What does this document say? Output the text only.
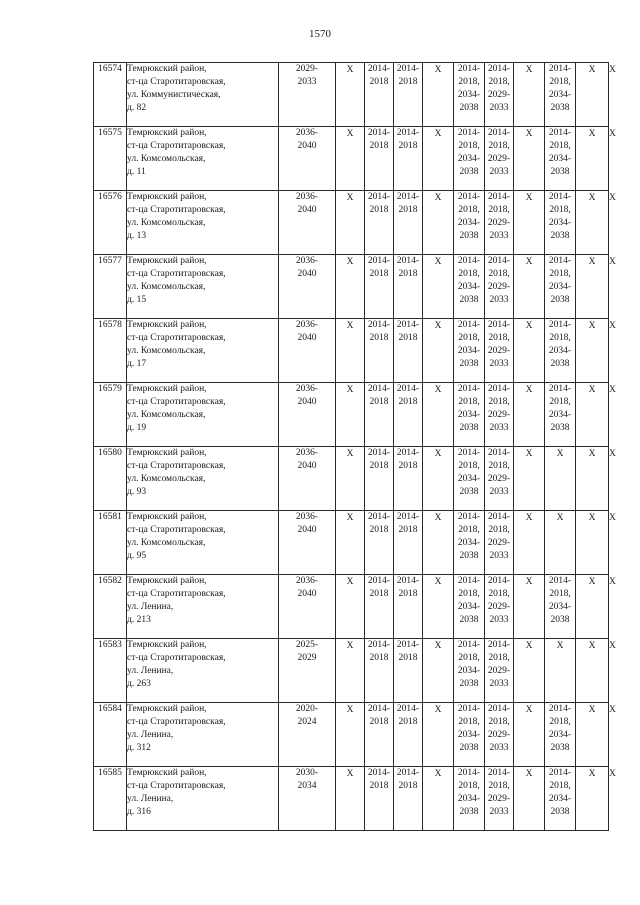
1570
16574	Темрюкский район,
ст-ца Старотитаровская,
ул. Коммунистическая,
д. 82	2029-
2033	Х	2014-
2018	2014-
2018	Х	2014-
2018,
2034-
2038	2014-
2018,
2029-
2033	Х	2014-
2018,
2034-
2038	Х	Х

16575	Темрюкский район,
ст-ца Старотитаровская,
ул. Комсомольская,
д. 11	2036-
2040	Х	2014-
2018	2014-
2018	Х	2014-
2018,
2034-
2038	2014-
2018,
2029-
2033	Х	2014-
2018,
2034-
2038	Х	Х

16576	Темрюкский район,
ст-ца Старотитаровская,
ул. Комсомольская,
д. 13	2036-
2040	Х	2014-
2018	2014-
2018	Х	2014-
2018,
2034-
2038	2014-
2018,
2029-
2033	Х	2014-
2018,
2034-
2038	Х	Х

16577	Темрюкский район,
ст-ца Старотитаровская,
ул. Комсомольская,
д. 15	2036-
2040	Х	2014-
2018	2014-
2018	Х	2014-
2018,
2034-
2038	2014-
2018,
2029-
2033	Х	2014-
2018,
2034-
2038	Х	Х

16578	Темрюкский район,
ст-ца Старотитаровская,
ул. Комсомольская,
д. 17	2036-
2040	Х	2014-
2018	2014-
2018	Х	2014-
2018,
2034-
2038	2014-
2018,
2029-
2033	Х	2014-
2018,
2034-
2038	Х	Х

16579	Темрюкский район,
ст-ца Старотитаровская,
ул. Комсомольская,
д. 19	2036-
2040	Х	2014-
2018	2014-
2018	Х	2014-
2018,
2034-
2038	2014-
2018,
2029-
2033	Х	2014-
2018,
2034-
2038	Х	Х

16580	Темрюкский район,
ст-ца Старотитаровская,
ул. Комсомольская,
д. 93	2036-
2040	Х	2014-
2018	2014-
2018	Х	2014-
2018,
2034-
2038	2014-
2018,
2029-
2033	Х	Х	Х	Х

16581	Темрюкский район,
ст-ца Старотитаровская,
ул. Комсомольская,
д. 95	2036-
2040	Х	2014-
2018	2014-
2018	Х	2014-
2018,
2034-
2038	2014-
2018,
2029-
2033	Х	Х	Х	Х

16582	Темрюкский район,
ст-ца Старотитаровская,
ул. Ленина,
д. 213	2036-
2040	Х	2014-
2018	2014-
2018	Х	2014-
2018,
2034-
2038	2014-
2018,
2029-
2033	Х	2014-
2018,
2034-
2038	Х	Х

16583	Темрюкский район,
ст-ца Старотитаровская,
ул. Ленина,
д. 263	2025-
2029	Х	2014-
2018	2014-
2018	Х	2014-
2018,
2034-
2038	2014-
2018,
2029-
2033	Х	Х	Х	Х

16584	Темрюкский район,
ст-ца Старотитаровская,
ул. Ленина,
д. 312	2020-
2024	Х	2014-
2018	2014-
2018	Х	2014-
2018,
2034-
2038	2014-
2018,
2029-
2033	Х	2014-
2018,
2034-
2038	Х	Х

16585	Темрюкский район,
ст-ца Старотитаровская,
ул. Ленина,
д. 316	2030-
2034	Х	2014-
2018	2014-
2018	Х	2014-
2018,
2034-
2038	2014-
2018,
2029-
2033	Х	2014-
2018,
2034-
2038	Х	Х
